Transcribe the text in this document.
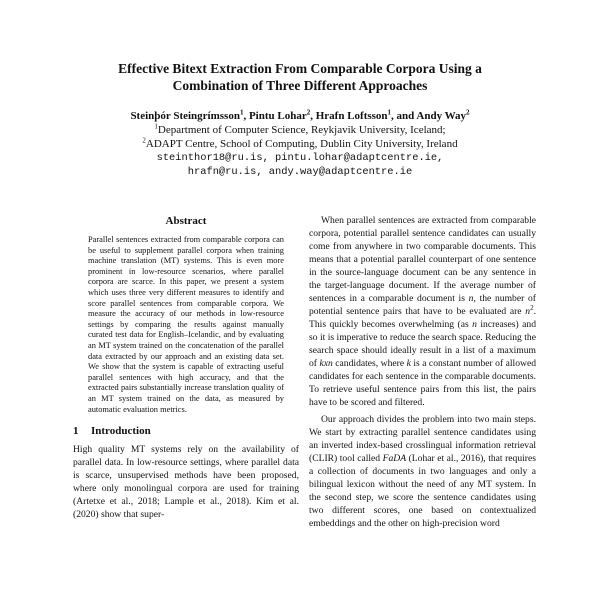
Effective Bitext Extraction From Comparable Corpora Using a
Combination of Three Different Approaches
Steinþór Steingrímsson$^1$, Pintu Lohar$^2$, Hrafn Loftsson$^1$, and Andy Way$^2$
$^1$Department of Computer Science, Reykjavik University, Iceland;
$^2$ADAPT Centre, School of Computing, Dublin City University, Ireland
steinthor18@ru.is, pintu.lohar@adaptcentre.ie,
hrafn@ru.is, andy.way@adaptcentre.ie
Abstract

Parallel sentences extracted from comparable corpora can be useful to supplement parallel corpora when training machine translation (MT) systems. This is even more prominent in low-resource scenarios, where parallel corpora are scarce. In this paper, we present a system which uses three very different measures to identify and score parallel sentences from comparable corpora. We measure the accuracy of our methods in low-resource settings by comparing the results against manually curated test data for English–Icelandic, and by evaluating an MT system trained on the concatenation of the parallel data extracted by our approach and an existing data set. We show that the system is capable of extracting useful parallel sentences with high accuracy, and that the extracted pairs substantially increase translation quality of an MT system trained on the data, as measured by automatic evaluation metrics.

1 Introduction

High quality MT systems rely on the availability of parallel data. In low-resource settings, where parallel data is scarce, unsupervised methods have been proposed, where only monolingual corpora are used for training (Artetxe et al., 2018; Lample et al., 2018). Kim et al. (2020) show that super-

When parallel sentences are extracted from comparable corpora, potential parallel sentence candidates can usually come from anywhere in two comparable documents. This means that a potential parallel counterpart of one sentence in the source-language document can be any sentence in the target-language document. If the average number of sentences in a comparable document is n, the number of potential sentence pairs that have to be evaluated are $n^2$. This quickly becomes overwhelming (as n increases) and so it is imperative to reduce the search space. Reducing the search space should ideally result in a list of a maximum of kxn candidates, where k is a constant number of allowed candidates for each sentence in the comparable documents. To retrieve useful sentence pairs from this list, the pairs have to be scored and filtered.

Our approach divides the problem into two main steps. We start by extracting parallel sentence candidates using an inverted index-based crosslingual information retrieval (CLIR) tool called FaDA (Lohar et al., 2016), that requires a collection of documents in two languages and only a bilingual lexicon without the need of any MT system. In the second step, we score the sentence candidates using two different scores, one based on contextualized embeddings and the other on high-precision word
